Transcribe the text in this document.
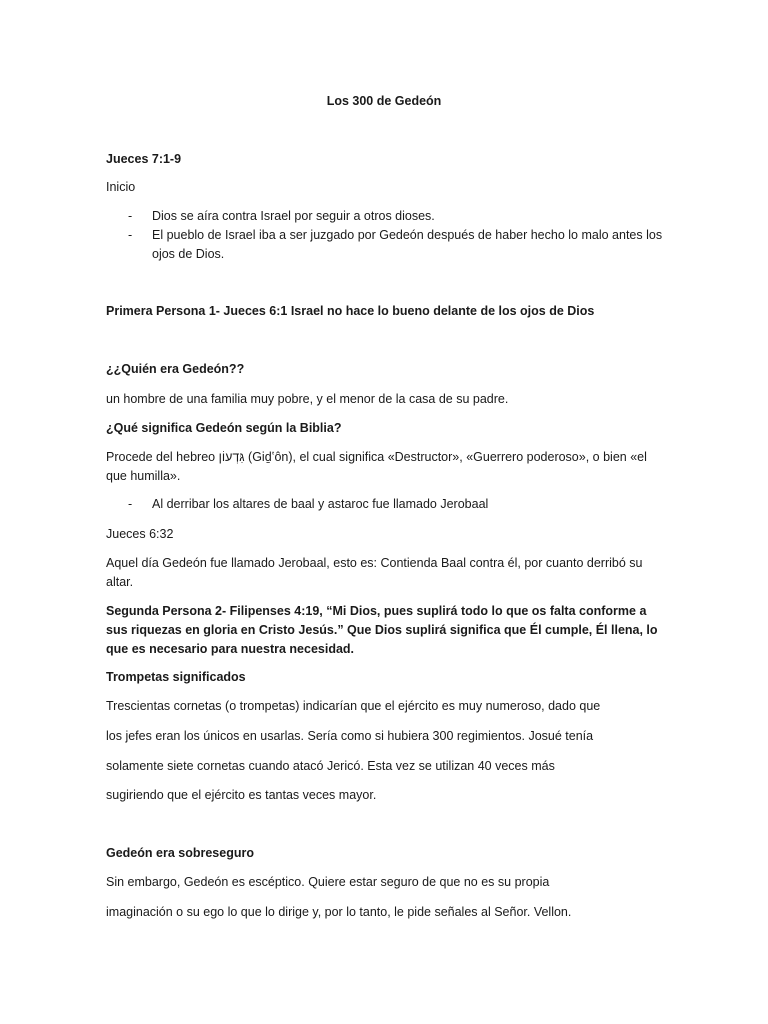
Los 300 de Gedeón
Jueces 7:1-9
Inicio
- Dios se aíra contra Israel por seguir a otros dioses.
- El pueblo de Israel iba a ser juzgado por Gedeón después de haber hecho lo malo antes los ojos de Dios.
Primera Persona 1- Jueces 6:1 Israel no hace lo bueno delante de los ojos de Dios
¿¿Quién era Gedeón??
un hombre de una familia muy pobre, y el menor de la casa de su padre.
¿Qué significa Gedeón según la Biblia?
Procede del hebreo גִּדְעוֹן (Giḏʽôn), el cual significa «Destructor», «Guerrero poderoso», o bien «el que humilla».
- Al derribar los altares de baal y astaroc fue llamado Jerobaal
Jueces 6:32
Aquel día Gedeón fue llamado Jerobaal, esto es: Contienda Baal contra él, por cuanto derribó su altar.
Segunda Persona 2- Filipenses 4:19, “Mi Dios, pues suplirá todo lo que os falta conforme a sus riquezas en gloria en Cristo Jesús.” Que Dios suplirá significa que Él cumple, Él llena, lo que es necesario para nuestra necesidad.
Trompetas significados
Trescientas cornetas (o trompetas) indicarían que el ejército es muy numeroso, dado que
los jefes eran los únicos en usarlas. Sería como si hubiera 300 regimientos. Josué tenía
solamente siete cornetas cuando atacó Jericó. Esta vez se utilizan 40 veces más
sugiriendo que el ejército es tantas veces mayor.
Gedeón era sobreseguro
Sin embargo, Gedeón es escéptico. Quiere estar seguro de que no es su propia
imaginación o su ego lo que lo dirige y, por lo tanto, le pide señales al Señor. Vellon.
